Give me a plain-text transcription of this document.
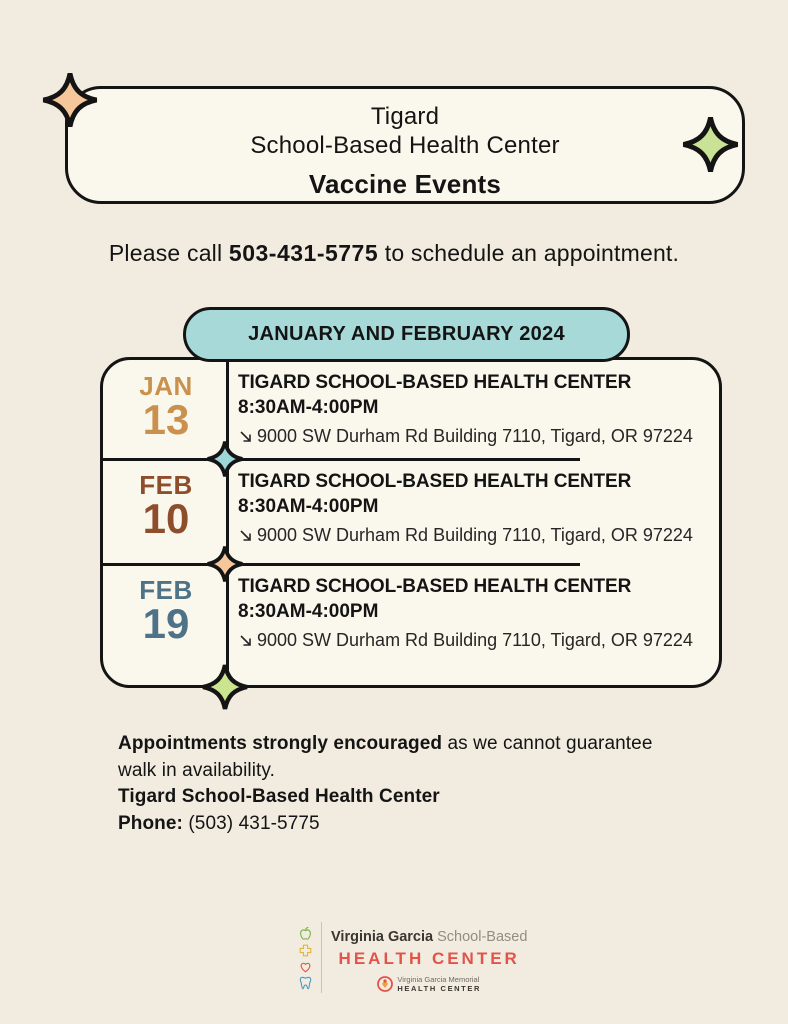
Tigard
School-Based Health Center
Vaccine Events
Please call 503-431-5775 to schedule an appointment.
JANUARY AND FEBRUARY 2024
JAN
13
TIGARD SCHOOL-BASED HEALTH CENTER
8:30AM-4:00PM
9000 SW Durham Rd Building 7110, Tigard, OR 97224
FEB
10
TIGARD SCHOOL-BASED HEALTH CENTER
8:30AM-4:00PM
9000 SW Durham Rd Building 7110, Tigard, OR 97224
FEB
19
TIGARD SCHOOL-BASED HEALTH CENTER
8:30AM-4:00PM
9000 SW Durham Rd Building 7110, Tigard, OR 97224
Appointments strongly encouraged as we cannot guarantee walk in availability.
Tigard School-Based Health Center
Phone: (503) 431-5775
Virginia Garcia School-Based
HEALTH CENTER
Virginia Garcia Memorial
HEALTH CENTER
